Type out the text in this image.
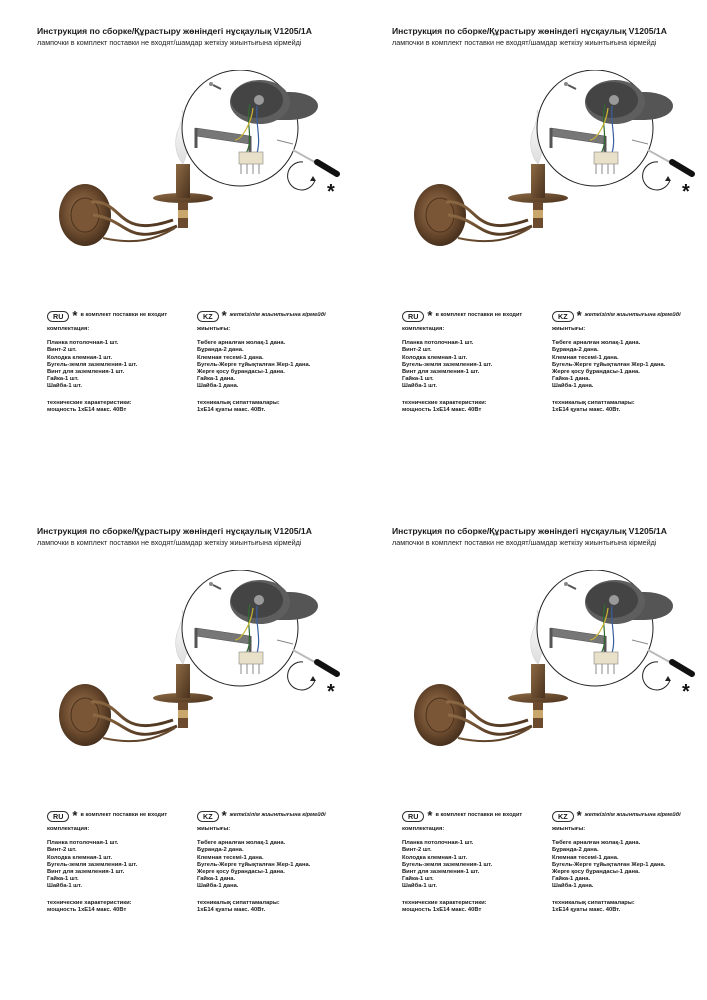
Инструкция по сборке/Құрастыру жөніндегі нұсқаулық V1205/1A
лампочки в комплект поставки не входят/шамдар жеткізу жиынтығына кірмейді
RU * в комплект поставки не входит
комплектация:
Планка потолочная-1 шт.
Винт-2 шт.
Колодка клемная-1 шт.
Бугель-земля заземления-1 шт.
Винт для заземления-1 шт.
Гайка-1 шт.
Шайба-1 шт.
технические характеристики:
мощность 1хЕ14 макс. 40Вт
KZ * жеткізілім жиынтығына кірмейді
жиынтығы:
Төбеге арналған жолақ-1 дана.
Бұранда-2 дана.
Клемная тесемі-1 дана.
Бугель-Жерге тұйықталған Жер-1 дана.
Жерге қосу бұрандасы-1 дана.
Гайка-1 дана.
Шайба-1 дана.
техникалық сипаттамалары:
1хЕ14 қуаты макс. 40Вт.
Инструкция по сборке/Құрастыру жөніндегі нұсқаулық V1205/1A
лампочки в комплект поставки не входят/шамдар жеткізу жиынтығына кірмейді
RU * в комплект поставки не входит
комплектация:
Планка потолочная-1 шт.
Винт-2 шт.
Колодка клемная-1 шт.
Бугель-земля заземления-1 шт.
Винт для заземления-1 шт.
Гайка-1 шт.
Шайба-1 шт.
технические характеристики:
мощность 1хЕ14 макс. 40Вт
KZ * жеткізілім жиынтығына кірмейді
жиынтығы:
Төбеге арналған жолақ-1 дана.
Бұранда-2 дана.
Клемная тесемі-1 дана.
Бугель-Жерге тұйықталған Жер-1 дана.
Жерге қосу бұрандасы-1 дана.
Гайка-1 дана.
Шайба-1 дана.
техникалық сипаттамалары:
1хЕ14 қуаты макс. 40Вт.
Инструкция по сборке/Құрастыру жөніндегі нұсқаулық V1205/1A
лампочки в комплект поставки не входят/шамдар жеткізу жиынтығына кірмейді
RU * в комплект поставки не входит
комплектация:
Планка потолочная-1 шт.
Винт-2 шт.
Колодка клемная-1 шт.
Бугель-земля заземления-1 шт.
Винт для заземления-1 шт.
Гайка-1 шт.
Шайба-1 шт.
технические характеристики:
мощность 1хЕ14 макс. 40Вт
KZ * жеткізілім жиынтығына кірмейді
жиынтығы:
Төбеге арналған жолақ-1 дана.
Бұранда-2 дана.
Клемная тесемі-1 дана.
Бугель-Жерге тұйықталған Жер-1 дана.
Жерге қосу бұрандасы-1 дана.
Гайка-1 дана.
Шайба-1 дана.
техникалық сипаттамалары:
1хЕ14 қуаты макс. 40Вт.
Инструкция по сборке/Құрастыру жөніндегі нұсқаулық V1205/1A
лампочки в комплект поставки не входят/шамдар жеткізу жиынтығына кірмейді
RU * в комплект поставки не входит
комплектация:
Планка потолочная-1 шт.
Винт-2 шт.
Колодка клемная-1 шт.
Бугель-земля заземления-1 шт.
Винт для заземления-1 шт.
Гайка-1 шт.
Шайба-1 шт.
технические характеристики:
мощность 1хЕ14 макс. 40Вт
KZ * жеткізілім жиынтығына кірмейді
жиынтығы:
Төбеге арналған жолақ-1 дана.
Бұранда-2 дана.
Клемная тесемі-1 дана.
Бугель-Жерге тұйықталған Жер-1 дана.
Жерге қосу бұрандасы-1 дана.
Гайка-1 дана.
Шайба-1 дана.
техникалық сипаттамалары:
1хЕ14 қуаты макс. 40Вт.
